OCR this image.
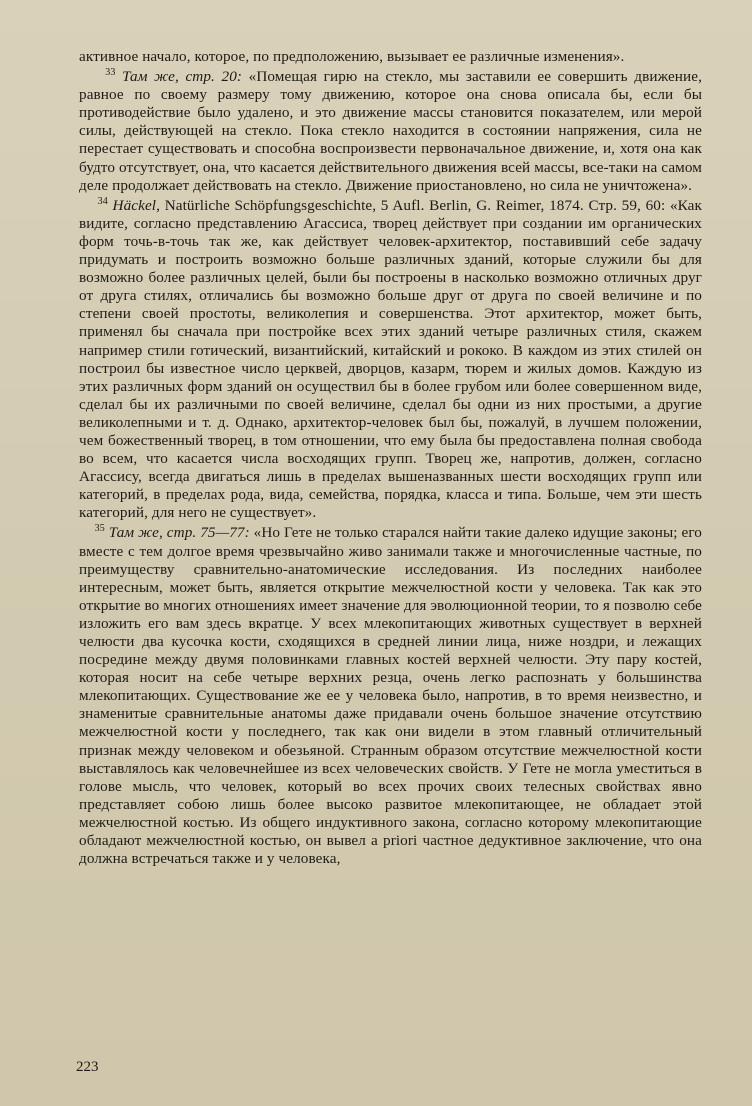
активное начало, которое, по предположению, вызывает ее различные изменения».

$^{33}$ Там же, стр. 20: «Помещая гирю на стекло, мы заставили ее совершить движение, равное по своему размеру тому движению, которое она снова описала бы, если бы противодействие было удалено, и это движение массы становится показателем, или мерой силы, действующей на стекло. Пока стекло находится в состоянии напряжения, сила не перестает существовать и способна воспроизвести первоначальное движение, и, хотя она как будто отсутствует, она, что касается действительного движения всей массы, все-таки на самом деле продолжает действовать на стекло. Движение приостановлено, но сила не уничтожена».

$^{34}$ Häckel, Natürliche Schöpfungsgeschichte, 5 Aufl. Berlin, G. Reimer, 1874. Стр. 59, 60: «Как видите, согласно представлению Агассиса, творец действует при создании им органических форм точь-в-точь так же, как действует человек-архитектор, поставивший себе задачу придумать и построить возможно больше различных зданий, которые служили бы для возможно более различных целей, были бы построены в насколько возможно отличных друг от друга стилях, отличались бы возможно больше друг от друга по своей величине и по степени своей простоты, великолепия и совершенства. Этот архитектор, может быть, применял бы сначала при постройке всех этих зданий четыре различных стиля, скажем например стили готический, византийский, китайский и рококо. В каждом из этих стилей он построил бы известное число церквей, дворцов, казарм, тюрем и жилых домов. Каждую из этих различных форм зданий он осуществил бы в более грубом или более совершенном виде, сделал бы их различными по своей величине, сделал бы одни из них простыми, а другие великолепными и т. д. Однако, архитектор-человек был бы, пожалуй, в лучшем положении, чем божественный творец, в том отношении, что ему была бы предоставлена полная свобода во всем, что касается числа восходящих групп. Творец же, напротив, должен, согласно Агассису, всегда двигаться лишь в пределах вышеназванных шести восходящих групп или категорий, в пределах рода, вида, семейства, порядка, класса и типа. Больше, чем эти шесть категорий, для него не существует».

$^{35}$ Там же, стр. 75—77: «Но Гете не только старался найти такие далеко идущие законы; его вместе с тем долгое время чрезвычайно живо занимали также и многочисленные частные, по преимуществу сравнительно-анатомические исследования. Из последних наиболее интересным, может быть, является открытие межчелюстной кости у человека. Так как это открытие во многих отношениях имеет значение для эволюционной теории, то я позволю себе изложить его вам здесь вкратце. У всех млекопитающих животных существует в верхней челюсти два кусочка кости, сходящихся в средней линии лица, ниже ноздри, и лежащих посредине между двумя половинками главных костей верхней челюсти. Эту пару костей, которая носит на себе четыре верхних резца, очень легко распознать у большинства млекопитающих. Существование же ее у человека было, напротив, в то время неизвестно, и знаменитые сравнительные анатомы даже придавали очень большое значение отсутствию межчелюстной кости у последнего, так как они видели в этом главный отличительный признак между человеком и обезьяной. Странным образом отсутствие межчелюстной кости выставлялось как человечнейшее из всех человеческих свойств. У Гете не могла уместиться в голове мысль, что человек, который во всех прочих своих телесных свойствах явно представляет собою лишь более высоко развитое млекопитающее, не обладает этой межчелюстной костью. Из общего индуктивного закона, согласно которому млекопитающие обладают межчелюстной костью, он вывел a priori частное дедуктивное заключение, что она должна встречаться также и у человека,

223
